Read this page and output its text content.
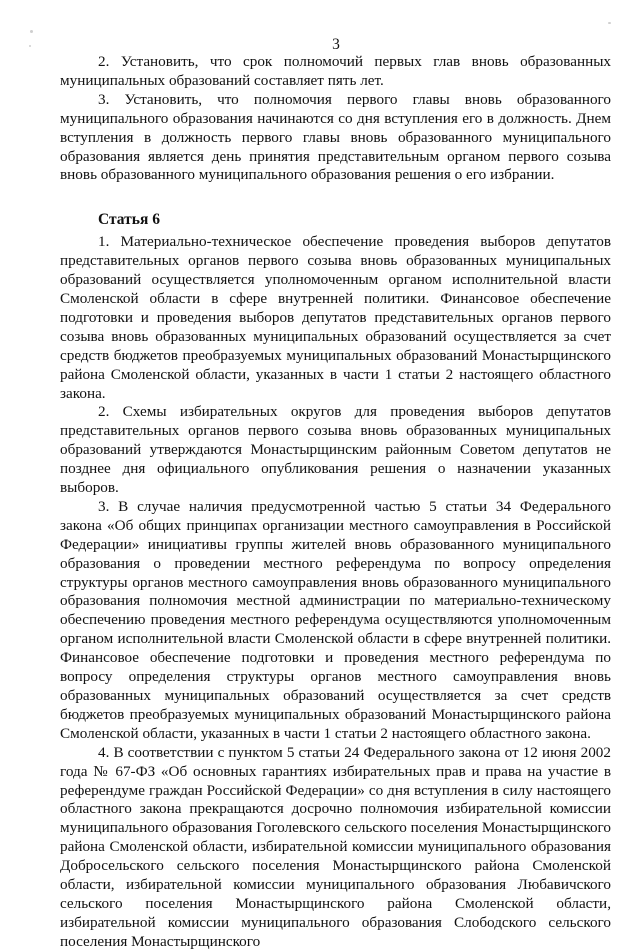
3

2. Установить, что срок полномочий первых глав вновь образованных муниципальных образований составляет пять лет.

3. Установить, что полномочия первого главы вновь образованного муниципального образования начинаются со дня вступления его в должность. Днем вступления в должность первого главы вновь образованного муниципального образования является день принятия представительным органом первого созыва вновь образованного муниципального образования решения о его избрании.

Статья 6

1. Материально-техническое обеспечение проведения выборов депутатов представительных органов первого созыва вновь образованных муниципальных образований осуществляется уполномоченным органом исполнительной власти Смоленской области в сфере внутренней политики. Финансовое обеспечение подготовки и проведения выборов депутатов представительных органов первого созыва вновь образованных муниципальных образований осуществляется за счет средств бюджетов преобразуемых муниципальных образований Монастырщинского района Смоленской области, указанных в части 1 статьи 2 настоящего областного закона.

2. Схемы избирательных округов для проведения выборов депутатов представительных органов первого созыва вновь образованных муниципальных образований утверждаются Монастырщинским районным Советом депутатов не позднее дня официального опубликования решения о назначении указанных выборов.

3. В случае наличия предусмотренной частью 5 статьи 34 Федерального закона «Об общих принципах организации местного самоуправления в Российской Федерации» инициативы группы жителей вновь образованного муниципального образования о проведении местного референдума по вопросу определения структуры органов местного самоуправления вновь образованного муниципального образования полномочия местной администрации по материально-техническому обеспечению проведения местного референдума осуществляются уполномоченным органом исполнительной власти Смоленской области в сфере внутренней политики. Финансовое обеспечение подготовки и проведения местного референдума по вопросу определения структуры органов местного самоуправления вновь образованных муниципальных образований осуществляется за счет средств бюджетов преобразуемых муниципальных образований Монастырщинского района Смоленской области, указанных в части 1 статьи 2 настоящего областного закона.

4. В соответствии с пунктом 5 статьи 24 Федерального закона от 12 июня 2002 года № 67-ФЗ «Об основных гарантиях избирательных прав и права на участие в референдуме граждан Российской Федерации» со дня вступления в силу настоящего областного закона прекращаются досрочно полномочия избирательной комиссии муниципального образования Гоголевского сельского поселения Монастырщинского района Смоленской области, избирательной комиссии муниципального образования Добросельского сельского поселения Монастырщинского района Смоленской области, избирательной комиссии муниципального образования Любавичского сельского поселения Монастырщинского района Смоленской области, избирательной комиссии муниципального образования Слободского сельского поселения Монастырщинского
